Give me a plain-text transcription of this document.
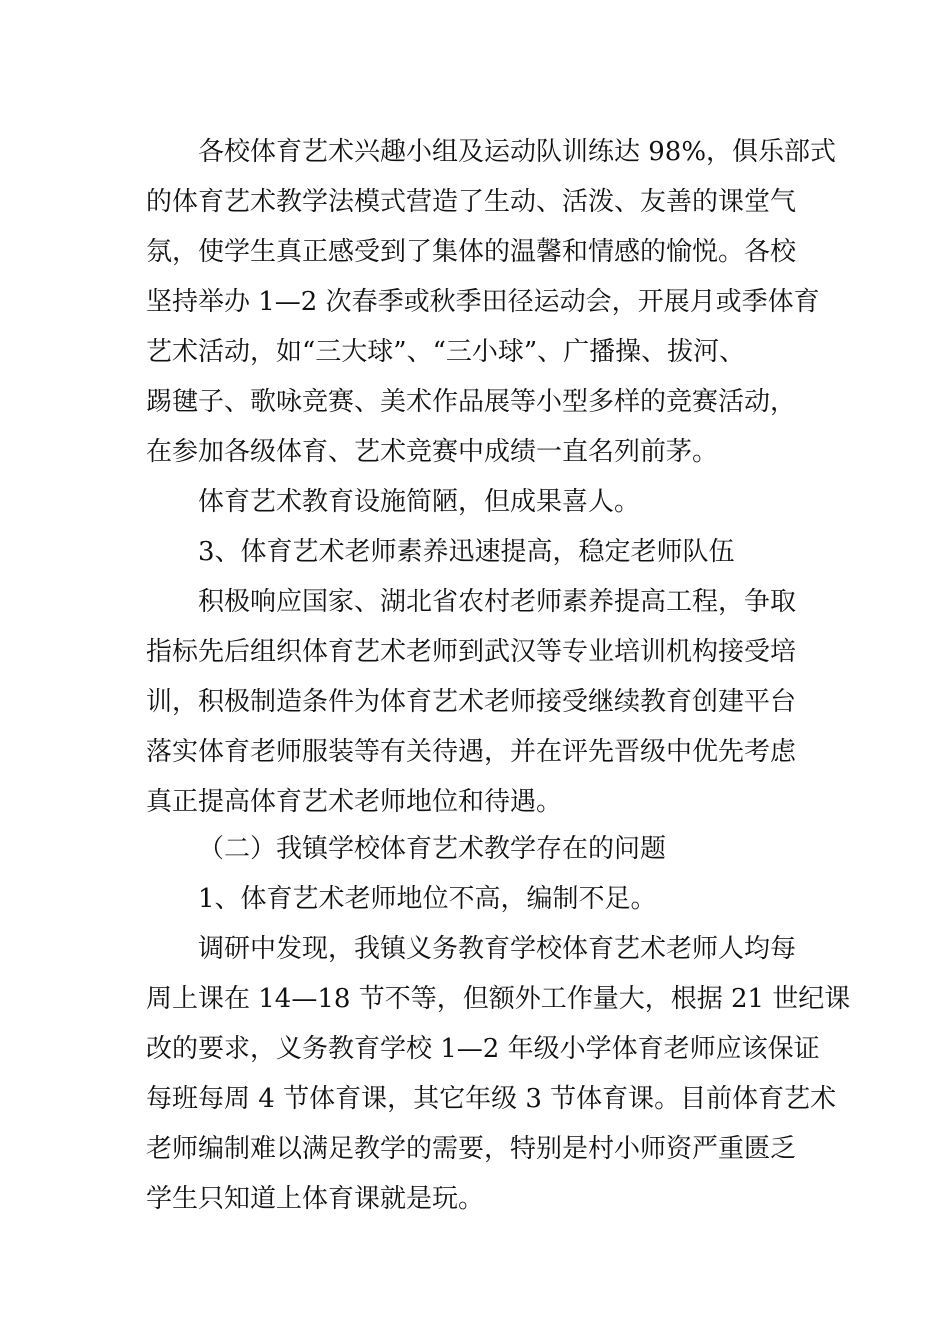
各校体育艺术兴趣小组及运动队训练达 98%，俱乐部式
的体育艺术教学法模式营造了生动、活泼、友善的课堂气
氛，使学生真正感受到了集体的温馨和情感的愉悦。各校
坚持举办 1—2 次春季或秋季田径运动会，开展月或季体育
艺术活动，如“三大球”、“三小球”、广播操、拔河、
踢毽子、歌咏竞赛、美术作品展等小型多样的竞赛活动，
在参加各级体育、艺术竞赛中成绩一直名列前茅。
体育艺术教育设施简陋，但成果喜人。
3、体育艺术老师素养迅速提高，稳定老师队伍
积极响应国家、湖北省农村老师素养提高工程，争取
指标先后组织体育艺术老师到武汉等专业培训机构接受培
训，积极制造条件为体育艺术老师接受继续教育创建平台
落实体育老师服装等有关待遇，并在评先晋级中优先考虑
真正提高体育艺术老师地位和待遇。
（二）我镇学校体育艺术教学存在的问题
1、体育艺术老师地位不高，编制不足。
调研中发现，我镇义务教育学校体育艺术老师人均每
周上课在 14—18 节不等，但额外工作量大，根据 21 世纪课
改的要求，义务教育学校 1—2 年级小学体育老师应该保证
每班每周 4 节体育课，其它年级 3 节体育课。目前体育艺术
老师编制难以满足教学的需要，特别是村小师资严重匮乏
学生只知道上体育课就是玩。
